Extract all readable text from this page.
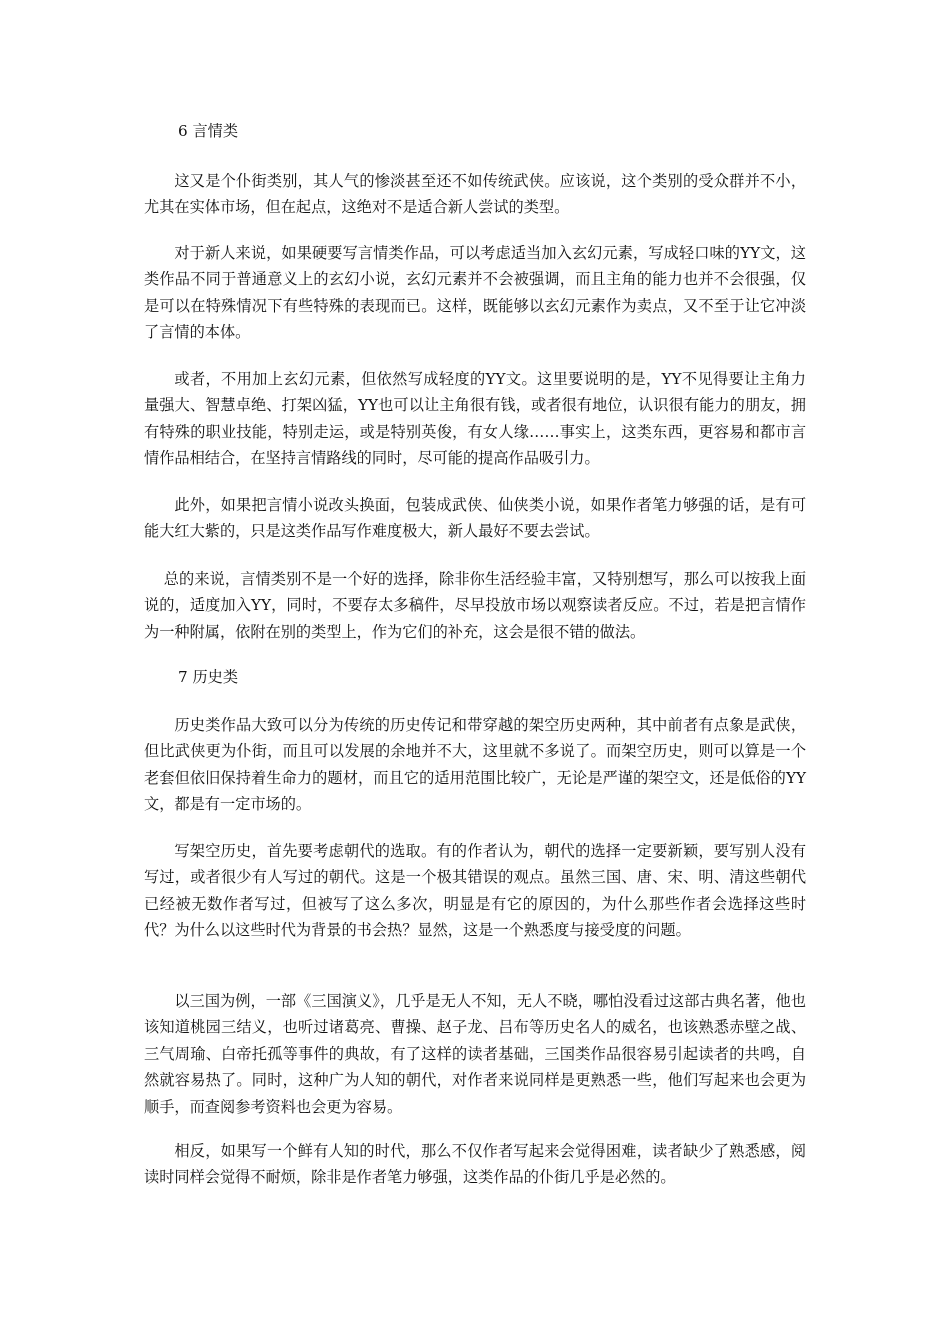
6 言情类

这又是个仆街类别，其人气的惨淡甚至还不如传统武侠。应该说，这个类别的受众群并不小，尤其在实体市场，但在起点，这绝对不是适合新人尝试的类型。

对于新人来说，如果硬要写言情类作品，可以考虑适当加入玄幻元素，写成轻口味的YY文，这类作品不同于普通意义上的玄幻小说，玄幻元素并不会被强调，而且主角的能力也并不会很强，仅是可以在特殊情况下有些特殊的表现而已。这样，既能够以玄幻元素作为卖点，又不至于让它冲淡了言情的本体。

或者，不用加上玄幻元素，但依然写成轻度的YY文。这里要说明的是，YY不见得要让主角力量强大、智慧卓绝、打架凶猛，YY也可以让主角很有钱，或者很有地位，认识很有能力的朋友，拥有特殊的职业技能，特别走运，或是特别英俊，有女人缘……事实上，这类东西，更容易和都市言情作品相结合，在坚持言情路线的同时，尽可能的提高作品吸引力。

此外，如果把言情小说改头换面，包装成武侠、仙侠类小说，如果作者笔力够强的话，是有可能大红大紫的，只是这类作品写作难度极大，新人最好不要去尝试。

总的来说，言情类别不是一个好的选择，除非你生活经验丰富，又特别想写，那么可以按我上面说的，适度加入YY，同时，不要存太多稿件，尽早投放市场以观察读者反应。不过，若是把言情作为一种附属，依附在别的类型上，作为它们的补充，这会是很不错的做法。

7 历史类

历史类作品大致可以分为传统的历史传记和带穿越的架空历史两种，其中前者有点象是武侠，但比武侠更为仆街，而且可以发展的余地并不大，这里就不多说了。而架空历史，则可以算是一个老套但依旧保持着生命力的题材，而且它的适用范围比较广，无论是严谨的架空文，还是低俗的YY文，都是有一定市场的。

写架空历史，首先要考虑朝代的选取。有的作者认为，朝代的选择一定要新颖，要写别人没有写过，或者很少有人写过的朝代。这是一个极其错误的观点。虽然三国、唐、宋、明、清这些朝代已经被无数作者写过，但被写了这么多次，明显是有它的原因的，为什么那些作者会选择这些时代？为什么以这些时代为背景的书会热？显然，这是一个熟悉度与接受度的问题。

以三国为例，一部《三国演义》，几乎是无人不知，无人不晓，哪怕没看过这部古典名著，他也该知道桃园三结义，也听过诸葛亮、曹操、赵子龙、吕布等历史名人的威名，也该熟悉赤壁之战、三气周瑜、白帝托孤等事件的典故，有了这样的读者基础，三国类作品很容易引起读者的共鸣，自然就容易热了。同时，这种广为人知的朝代，对作者来说同样是更熟悉一些，他们写起来也会更为顺手，而查阅参考资料也会更为容易。

相反，如果写一个鲜有人知的时代，那么不仅作者写起来会觉得困难，读者缺少了熟悉感，阅读时同样会觉得不耐烦，除非是作者笔力够强，这类作品的仆街几乎是必然的。
